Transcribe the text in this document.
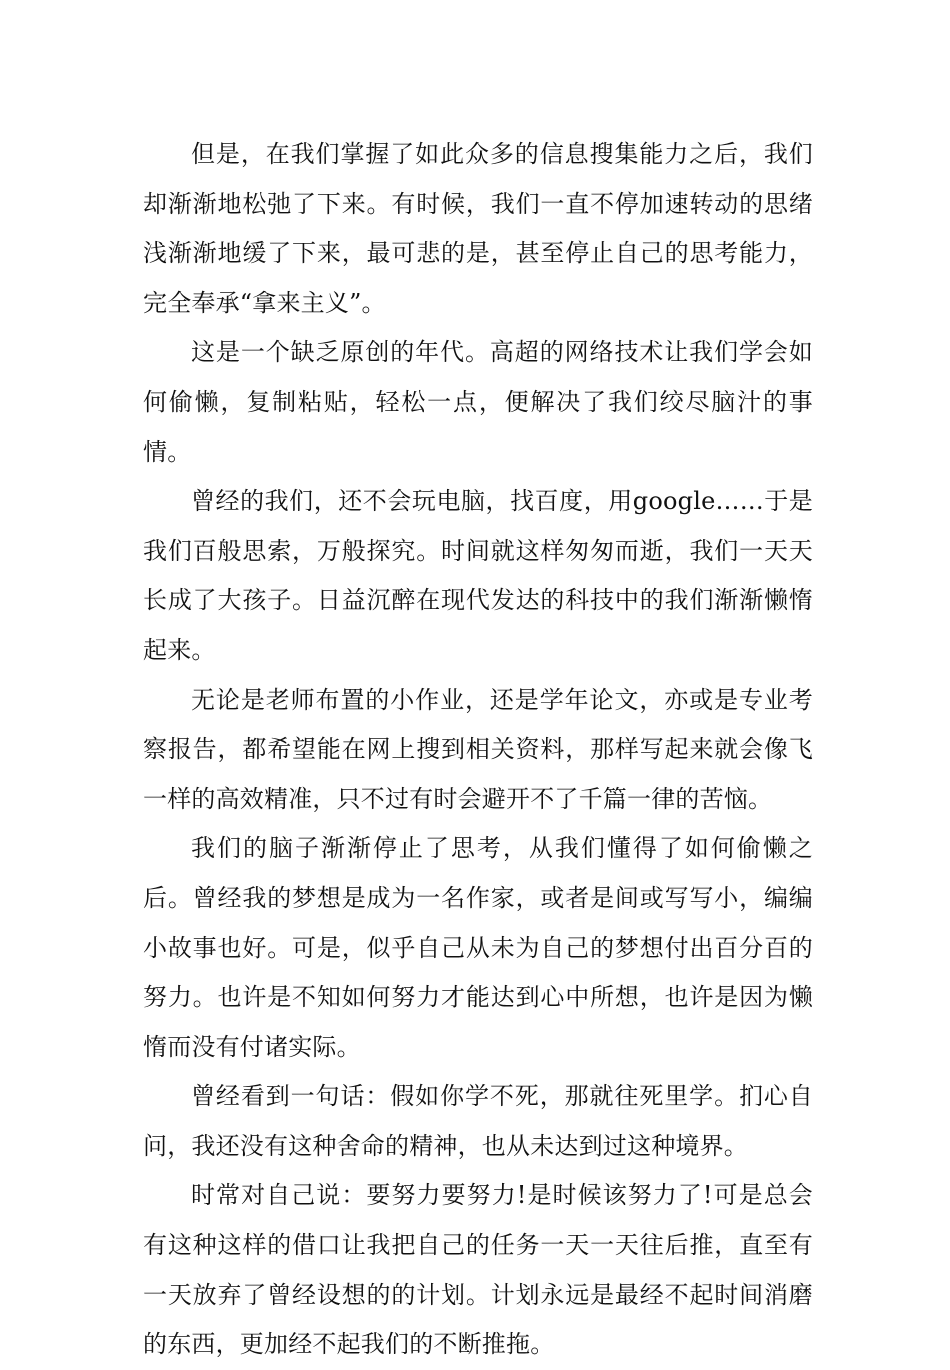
但是，在我们掌握了如此众多的信息搜集能力之后，我们却渐渐地松弛了下来。有时候，我们一直不停加速转动的思绪浅渐渐地缓了下来，最可悲的是，甚至停止自己的思考能力，完全奉承“拿来主义”。

这是一个缺乏原创的年代。高超的网络技术让我们学会如何偷懒，复制粘贴，轻松一点，便解决了我们绞尽脑汁的事情。

曾经的我们，还不会玩电脑，找百度，用google……于是我们百般思索，万般探究。时间就这样匆匆而逝，我们一天天长成了大孩子。日益沉醉在现代发达的科技中的我们渐渐懒惰起来。

无论是老师布置的小作业，还是学年论文，亦或是专业考察报告，都希望能在网上搜到相关资料，那样写起来就会像飞一样的高效精准，只不过有时会避开不了千篇一律的苦恼。

我们的脑子渐渐停止了思考，从我们懂得了如何偷懒之后。曾经我的梦想是成为一名作家，或者是间或写写小，编编小故事也好。可是，似乎自己从未为自己的梦想付出百分百的努力。也许是不知如何努力才能达到心中所想，也许是因为懒惰而没有付诸实际。

曾经看到一句话：假如你学不死，那就往死里学。扪心自问，我还没有这种舍命的精神，也从未达到过这种境界。

时常对自己说：要努力要努力!是时候该努力了!可是总会有这种这样的借口让我把自己的任务一天一天往后推，直至有一天放弃了曾经设想的的计划。计划永远是最经不起时间消磨的东西，更加经不起我们的不断推拖。
